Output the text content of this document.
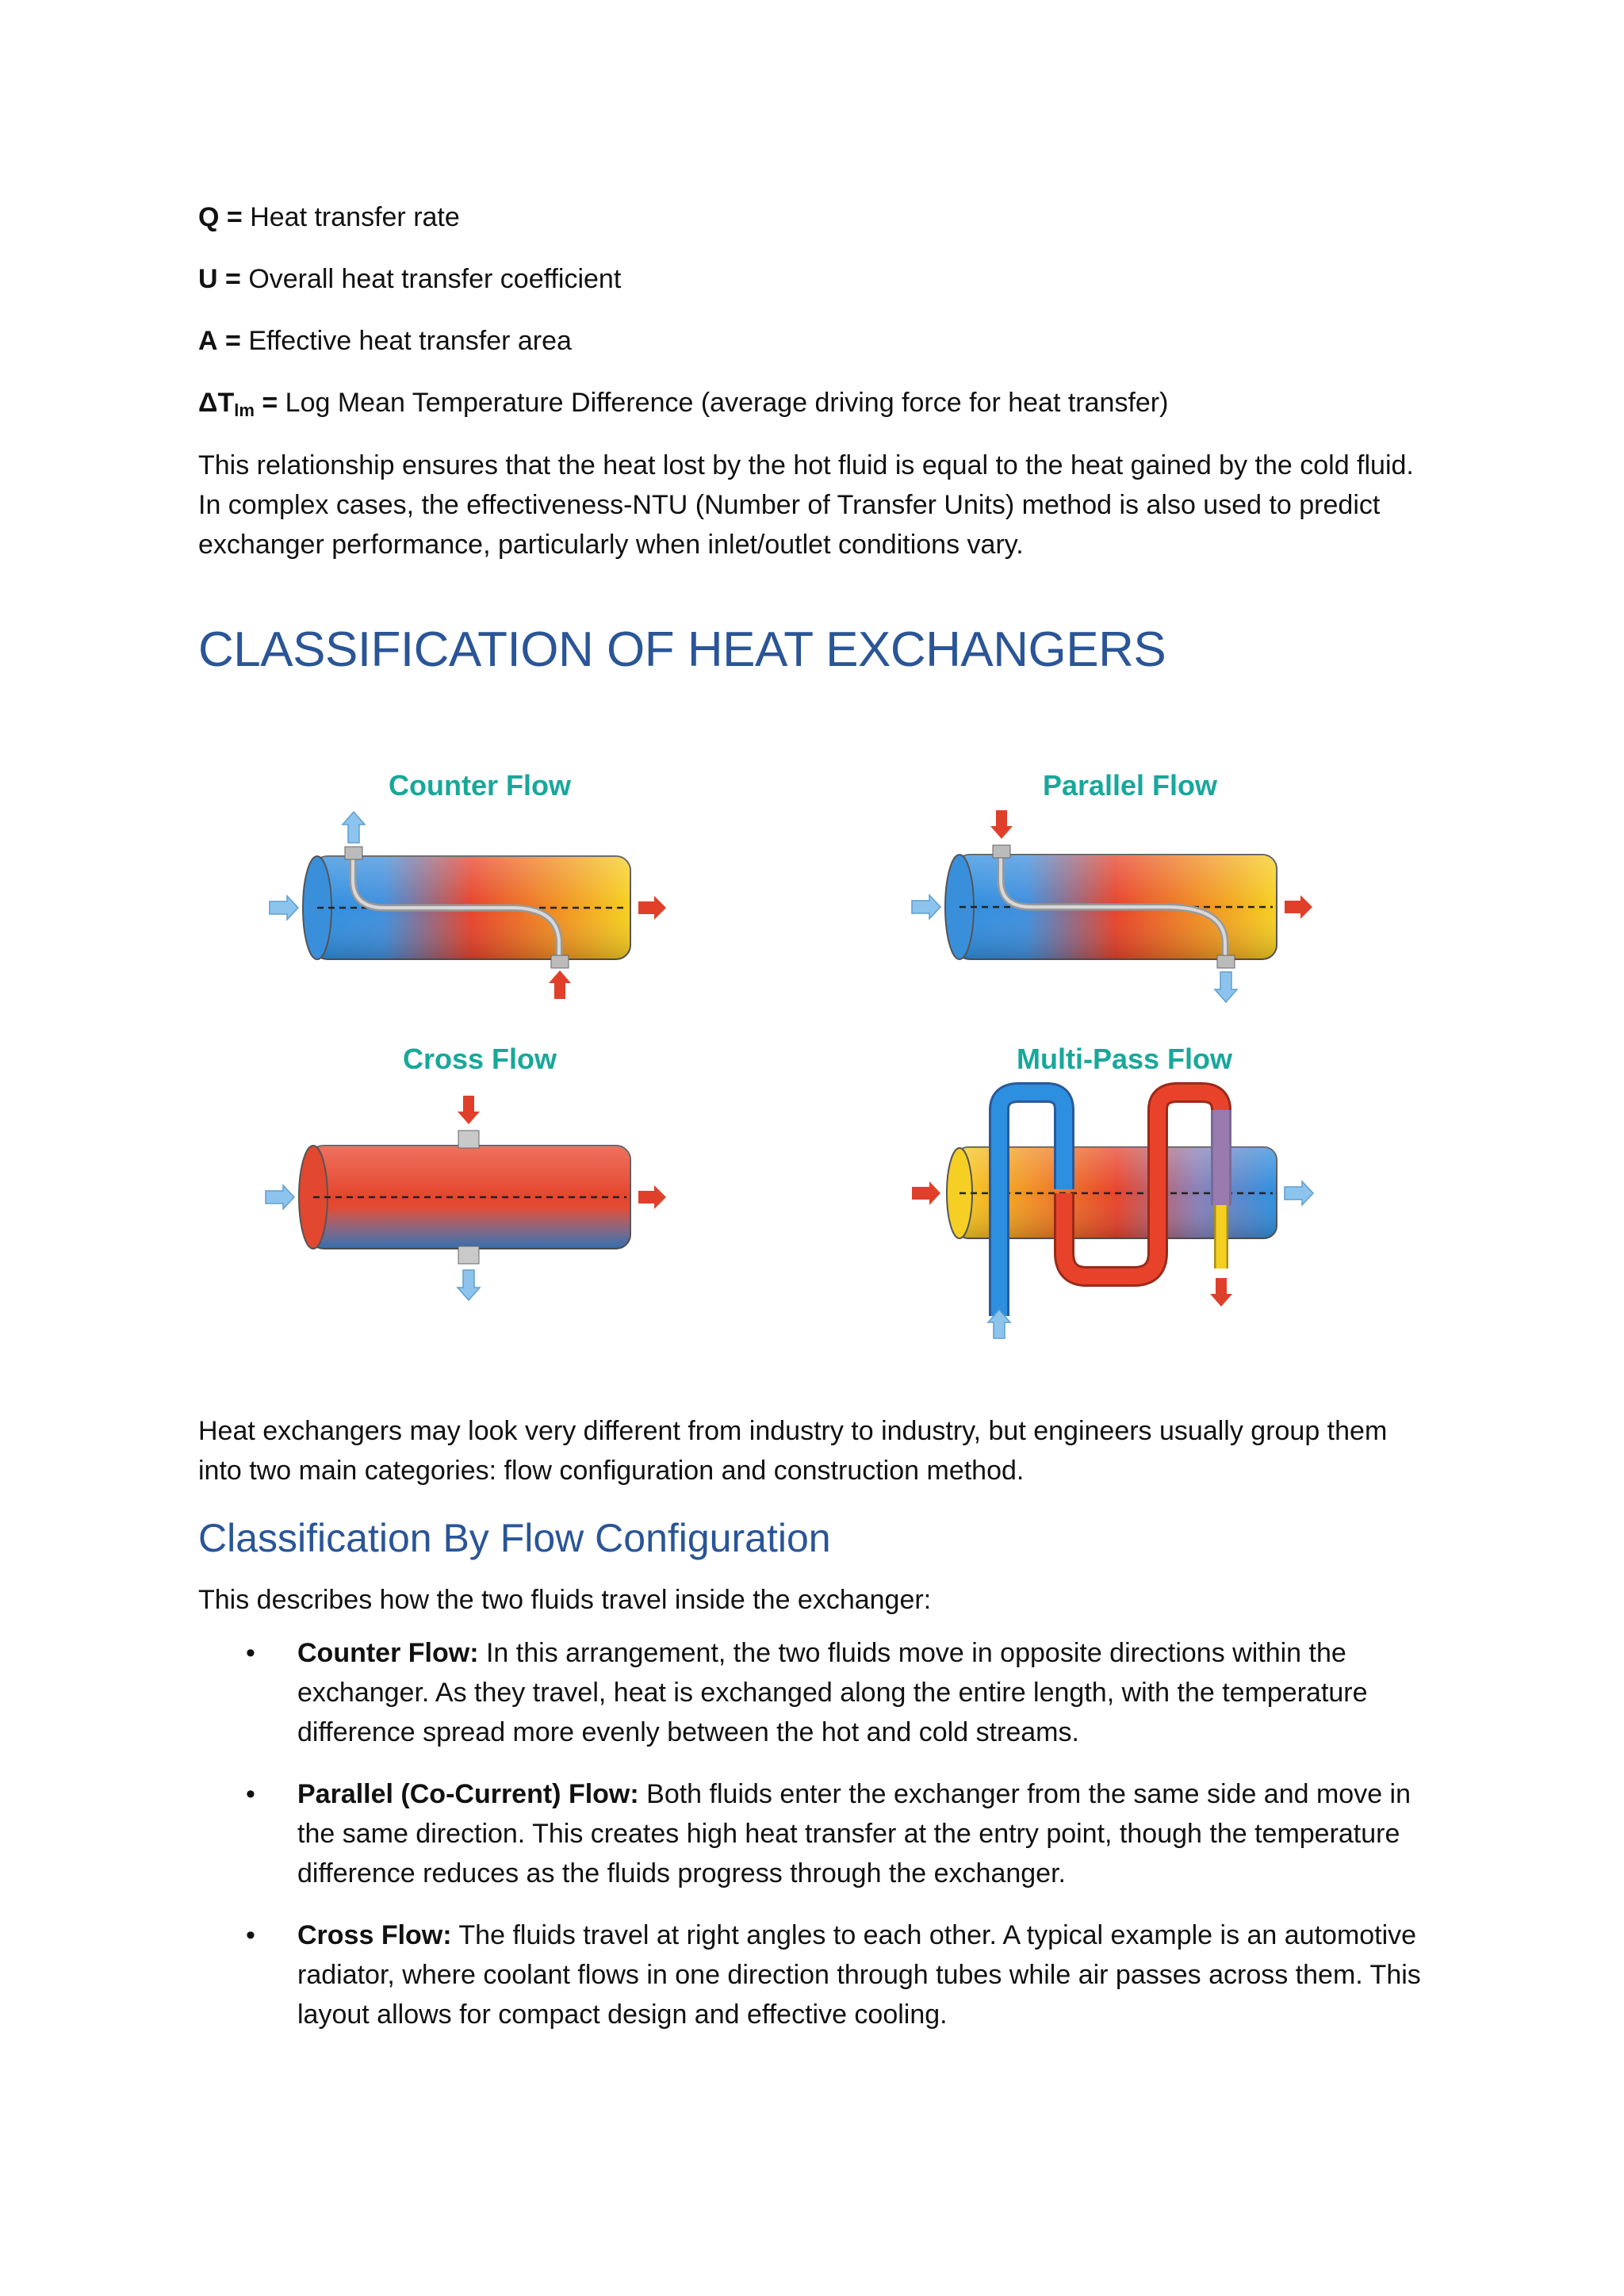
Q = Heat transfer rate
U = Overall heat transfer coefficient
A = Effective heat transfer area
$\Delta T_{lm}$ = Log Mean Temperature Difference (average driving force for heat transfer)
This relationship ensures that the heat lost by the hot fluid is equal to the heat gained by the cold fluid. In complex cases, the effectiveness-NTU (Number of Transfer Units) method is also used to predict exchanger performance, particularly when inlet/outlet conditions vary.
CLASSIFICATION OF HEAT EXCHANGERS
Heat exchangers may look very different from industry to industry, but engineers usually group them into two main categories: flow configuration and construction method.
Classification By Flow Configuration
This describes how the two fluids travel inside the exchanger:
• Counter Flow: In this arrangement, the two fluids move in opposite directions within the exchanger. As they travel, heat is exchanged along the entire length, with the temperature difference spread more evenly between the hot and cold streams.
• Parallel (Co-Current) Flow: Both fluids enter the exchanger from the same side and move in the same direction. This creates high heat transfer at the entry point, though the temperature difference reduces as the fluids progress through the exchanger.
• Cross Flow: The fluids travel at right angles to each other. A typical example is an automotive radiator, where coolant flows in one direction through tubes while air passes across them. This layout allows for compact design and effective cooling.
Counter Flow	Parallel Flow
Cross Flow	Multi-Pass Flow
